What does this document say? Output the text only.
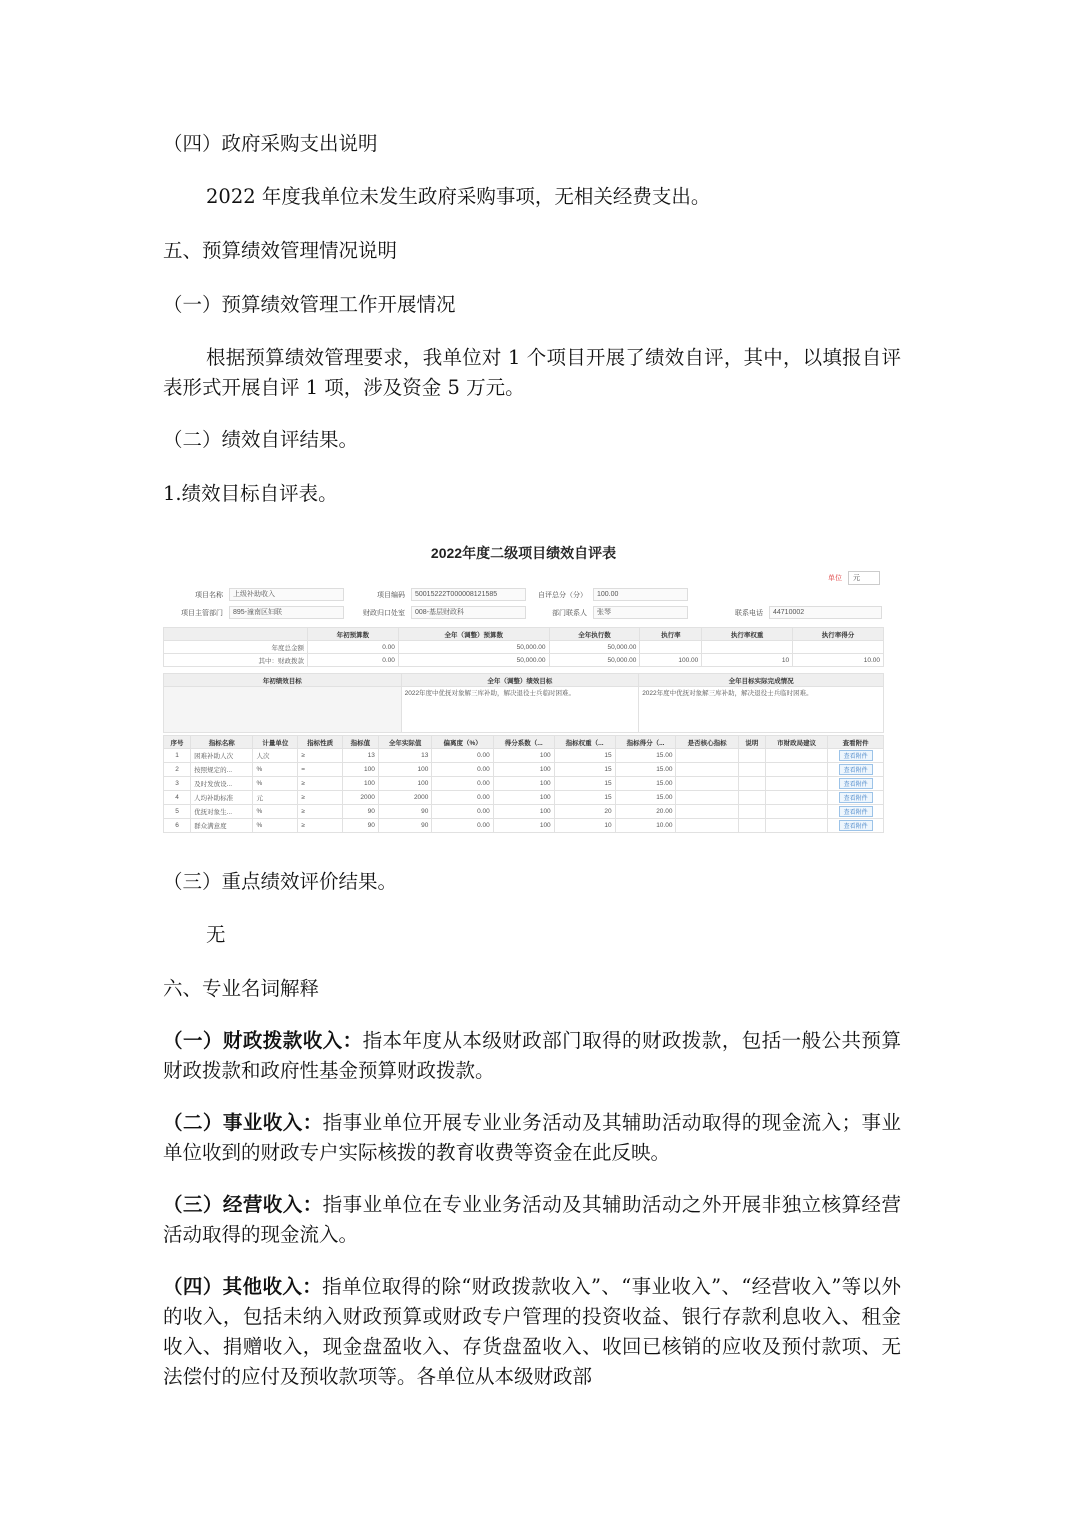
（四）政府采购支出说明
2022 年度我单位未发生政府采购事项，无相关经费支出。
五、预算绩效管理情况说明
（一）预算绩效管理工作开展情况
根据预算绩效管理要求，我单位对 1 个项目开展了绩效自评，其中，以填报自评表形式开展自评 1 项，涉及资金 5 万元。
（二）绩效自评结果。
1.绩效目标自评表。
2022年度二级项目绩效自评表
单位 元
项目名称	上级补助收入	项目编码	50015222T000008121585	自评总分（分）	100.00
项目主管部门	895-潼南区妇联	财政归口处室	008-基层财政科	部门联系人	张琴	联系电话	44710002
	年初预算数	全年（调整）预算数	全年执行数	执行率	执行率权重	执行率得分
年度总金额	0.00	50,000.00	50,000.00			
其中：财政拨款	0.00	50,000.00	50,000.00	100.00	10	10.00
年初绩效目标	全年（调整）绩效目标	全年目标实际完成情况
	2022年度中优抚对象解三库补助，解决退役士兵临时困难。	2022年度中优抚对象解三库补助，解决退役士兵临时困难。
序号	指标名称	计量单位	指标性质	指标值	全年实际值	偏离度（%）	得分系数（...	指标权重（...	指标得分（...	是否核心指标	说明	市财政局建议	查看附件
1	困难补助人次	人次	≥	13	13	0.00	100	15	15.00				查看附件
2	按照规定的...	%	=	100	100	0.00	100	15	15.00				查看附件
3	及时发放设...	%	≥	100	100	0.00	100	15	15.00				查看附件
4	人均补助标准	元	≥	2000	2000	0.00	100	15	15.00				查看附件
5	优抚对象生...	%	≥	90	90	0.00	100	20	20.00				查看附件
6	群众满意度	%	≥	90	90	0.00	100	10	10.00				查看附件
（三）重点绩效评价结果。
无
六、专业名词解释
（一）财政拨款收入：指本年度从本级财政部门取得的财政拨款，包括一般公共预算财政拨款和政府性基金预算财政拨款。
（二）事业收入：指事业单位开展专业业务活动及其辅助活动取得的现金流入；事业单位收到的财政专户实际核拨的教育收费等资金在此反映。
（三）经营收入：指事业单位在专业业务活动及其辅助活动之外开展非独立核算经营活动取得的现金流入。
（四）其他收入：指单位取得的除“财政拨款收入”、“事业收入”、“经营收入”等以外的收入，包括未纳入财政预算或财政专户管理的投资收益、银行存款利息收入、租金收入、捐赠收入，现金盘盈收入、存货盘盈收入、收回已核销的应收及预付款项、无法偿付的应付及预收款项等。各单位从本级财政部
